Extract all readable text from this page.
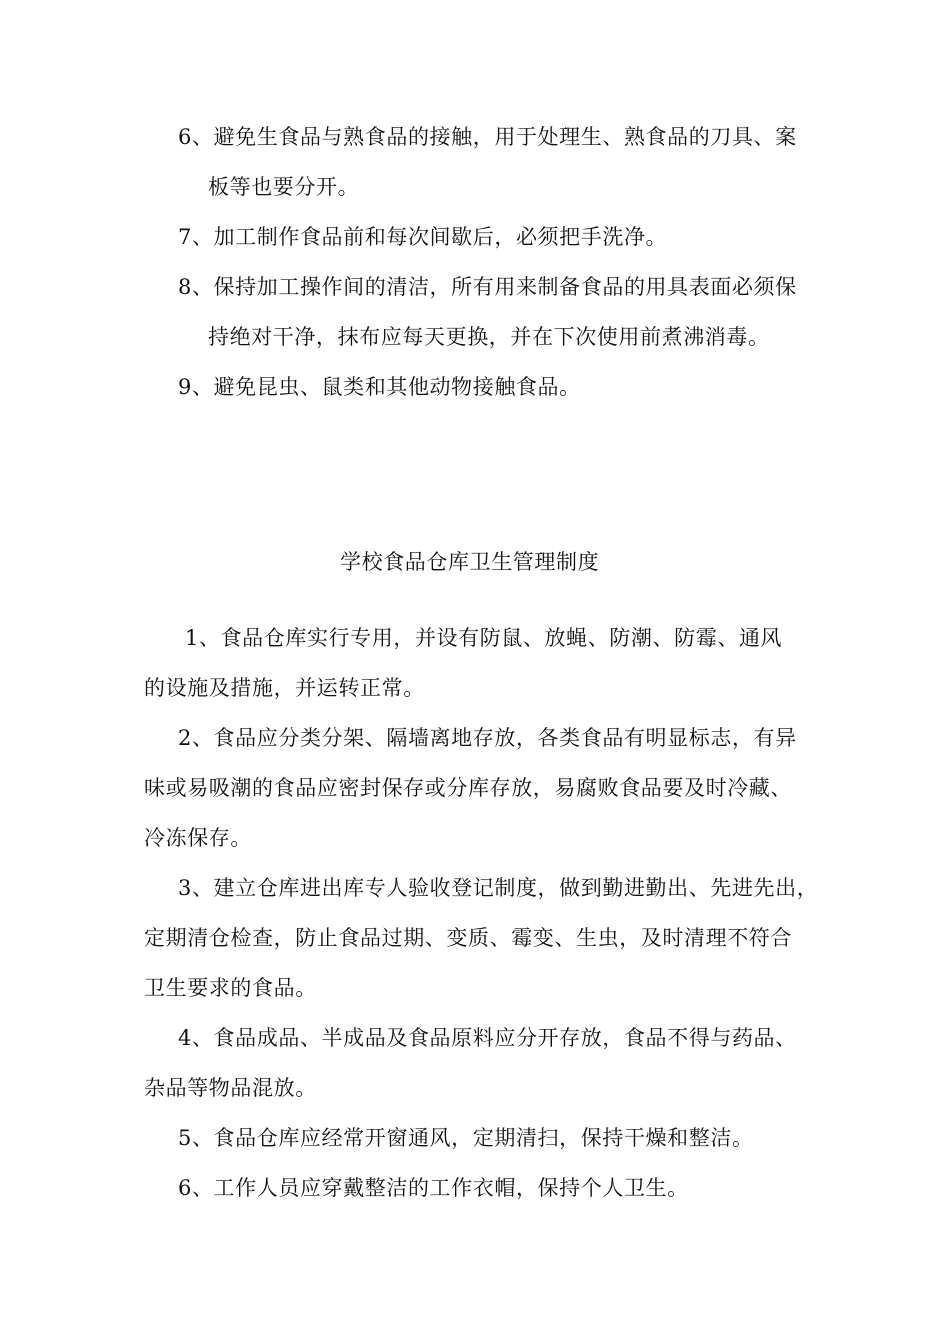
6、避免生食品与熟食品的接触，用于处理生、熟食品的刀具、案
板等也要分开。
7、加工制作食品前和每次间歇后，必须把手洗净。
8、保持加工操作间的清洁，所有用来制备食品的用具表面必须保
持绝对干净，抹布应每天更换，并在下次使用前煮沸消毒。
9、避免昆虫、鼠类和其他动物接触食品。
学校食品仓库卫生管理制度
1、食品仓库实行专用，并设有防鼠、放蝇、防潮、防霉、通风
的设施及措施，并运转正常。
2、食品应分类分架、隔墙离地存放，各类食品有明显标志，有异
味或易吸潮的食品应密封保存或分库存放，易腐败食品要及时冷藏、
冷冻保存。
3、建立仓库进出库专人验收登记制度，做到勤进勤出、先进先出，
定期清仓检查，防止食品过期、变质、霉变、生虫，及时清理不符合
卫生要求的食品。
4、食品成品、半成品及食品原料应分开存放，食品不得与药品、
杂品等物品混放。
5、食品仓库应经常开窗通风，定期清扫，保持干燥和整洁。
6、工作人员应穿戴整洁的工作衣帽，保持个人卫生。
